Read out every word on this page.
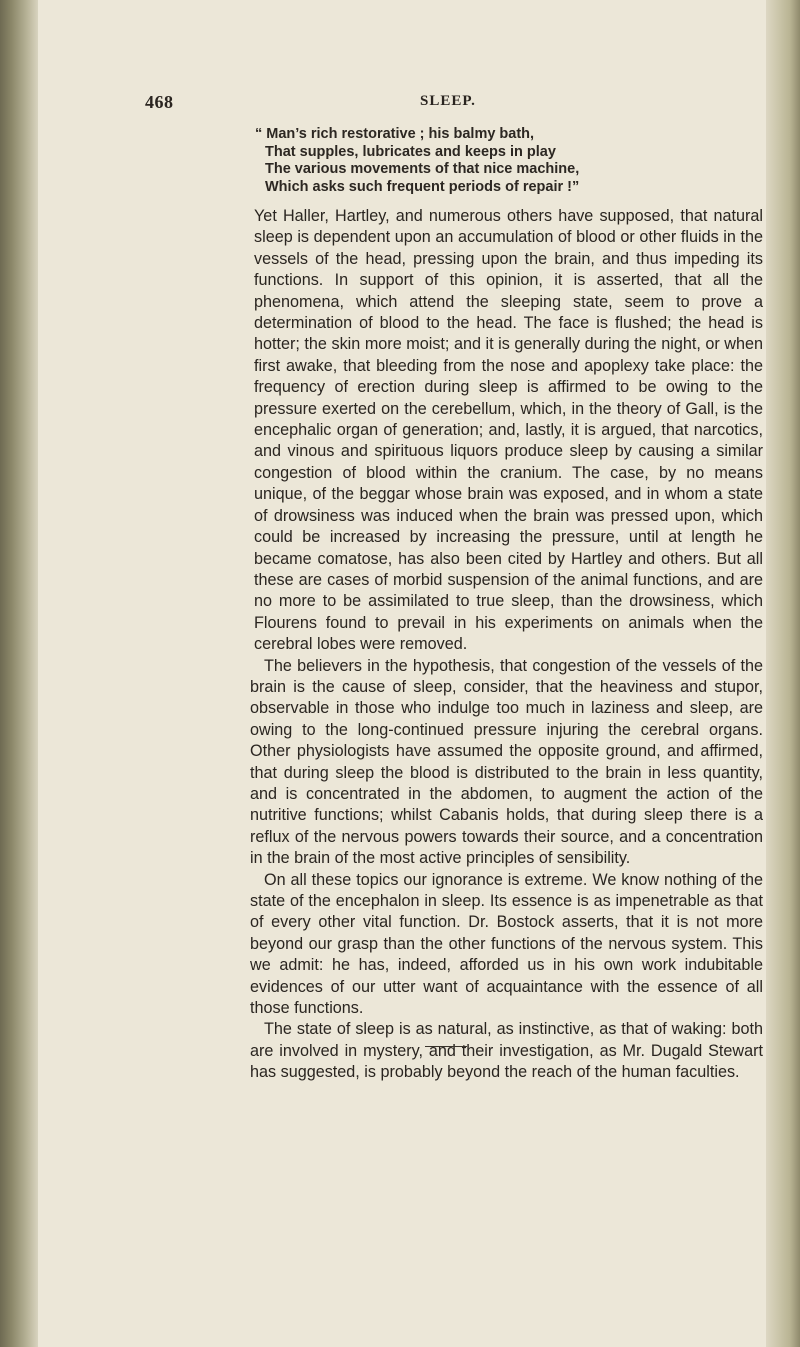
468	SLEEP.
“ Man’s rich restorative ; his balmy bath,
That supples, lubricates and keeps in play
The various movements of that nice machine,
Which asks such frequent periods of repair !”

Yet Haller, Hartley, and numerous others have supposed, that natural sleep is dependent upon an accumulation of blood or other fluids in the vessels of the head, pressing upon the brain, and thus impeding its functions. In support of this opinion, it is asserted, that all the phenomena, which attend the sleeping state, seem to prove a determination of blood to the head. The face is flushed; the head is hotter; the skin more moist; and it is generally during the night, or when first awake, that bleeding from the nose and apoplexy take place: the frequency of erection during sleep is affirmed to be owing to the pressure exerted on the cerebellum, which, in the theory of Gall, is the encephalic organ of generation; and, lastly, it is argued, that narcotics, and vinous and spirituous liquors produce sleep by causing a similar congestion of blood within the cranium. The case, by no means unique, of the beggar whose brain was exposed, and in whom a state of drowsiness was induced when the brain was pressed upon, which could be increased by increasing the pressure, until at length he became comatose, has also been cited by Hartley and others. But all these are cases of morbid suspension of the animal functions, and are no more to be assimilated to true sleep, than the drowsiness, which Flourens found to prevail in his experiments on animals when the cerebral lobes were removed.

The believers in the hypothesis, that congestion of the vessels of the brain is the cause of sleep, consider, that the heaviness and stupor, observable in those who indulge too much in laziness and sleep, are owing to the long-continued pressure injuring the cerebral organs. Other physiologists have assumed the opposite ground, and affirmed, that during sleep the blood is distributed to the brain in less quantity, and is concentrated in the abdomen, to augment the action of the nutritive functions; whilst Cabanis holds, that during sleep there is a reflux of the nervous powers towards their source, and a concentration in the brain of the most active principles of sensibility.

On all these topics our ignorance is extreme. We know nothing of the state of the encephalon in sleep. Its essence is as impenetrable as that of every other vital function. Dr. Bostock asserts, that it is not more beyond our grasp than the other functions of the nervous system. This we admit: he has, indeed, afforded us in his own work indubitable evidences of our utter want of acquaintance with the essence of all those functions.

The state of sleep is as natural, as instinctive, as that of waking: both are involved in mystery, and their investigation, as Mr. Dugald Stewart has suggested, is probably beyond the reach of the human faculties.
